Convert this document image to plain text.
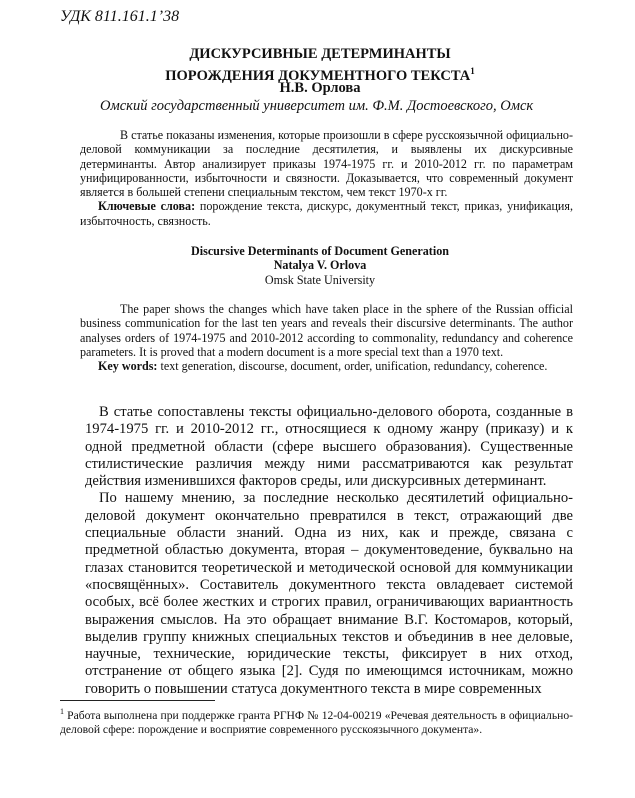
УДК 811.161.1’38
ДИСКУРСИВНЫЕ ДЕТЕРМИНАНТЫ
ПОРОЖДЕНИЯ ДОКУМЕНТНОГО ТЕКСТА$^1$
Н.В. Орлова
Омский государственный университет им. Ф.М. Достоевского, Омск

В статье показаны изменения, которые произошли в сфере русскоязычной официально-деловой коммуникации за последние десятилетия, и выявлены их дискурсивные детерминанты. Автор анализирует приказы 1974-1975 гг. и 2010-2012 гг. по параметрам унифицированности, избыточности и связности. Доказывается, что современный документ является в большей степени специальным текстом, чем текст 1970-х гг.

Ключевые слова: порождение текста, дискурс, документный текст, приказ, унификация, избыточность, связность.

Discursive Determinants of Document Generation
Natalya V. Orlova
Omsk State University

The paper shows the changes which have taken place in the sphere of the Russian official business communication for the last ten years and reveals their discursive determinants. The author analyses orders of 1974-1975 and 2010-2012 according to commonality, redundancy and coherence parameters. It is proved that a modern document is a more special text than a 1970 text.

Key words: text generation, discourse, document, order, unification, redundancy, coherence.

В статье сопоставлены тексты официально-делового оборота, созданные в 1974-1975 гг. и 2010-2012 гг., относящиеся к одному жанру (приказу) и к одной предметной области (сфере высшего образования). Существенные стилистические различия между ними рассматриваются как результат действия изменившихся факторов среды, или дискурсивных детерминант.

По нашему мнению, за последние несколько десятилетий официально-деловой документ окончательно превратился в текст, отражающий две специальные области знаний. Одна из них, как и прежде, связана с предметной областью документа, вторая – документоведение, буквально на глазах становится теоретической и методической основой для коммуникации «посвящённых». Составитель документного текста овладевает системой особых, всё более жестких и строгих правил, ограничивающих вариантность выражения смыслов. На это обращает внимание В.Г. Костомаров, который, выделив группу книжных специальных текстов и объединив в нее деловые, научные, технические, юридические тексты, фиксирует в них отход, отстранение от общего языка [2]. Судя по имеющимся источникам, можно говорить о повышении статуса документного текста в мире современных

$^1$ Работа выполнена при поддержке гранта РГНФ № 12-04-00219 «Речевая деятельность в официально-деловой сфере: порождение и восприятие современного русскоязычного документа».
